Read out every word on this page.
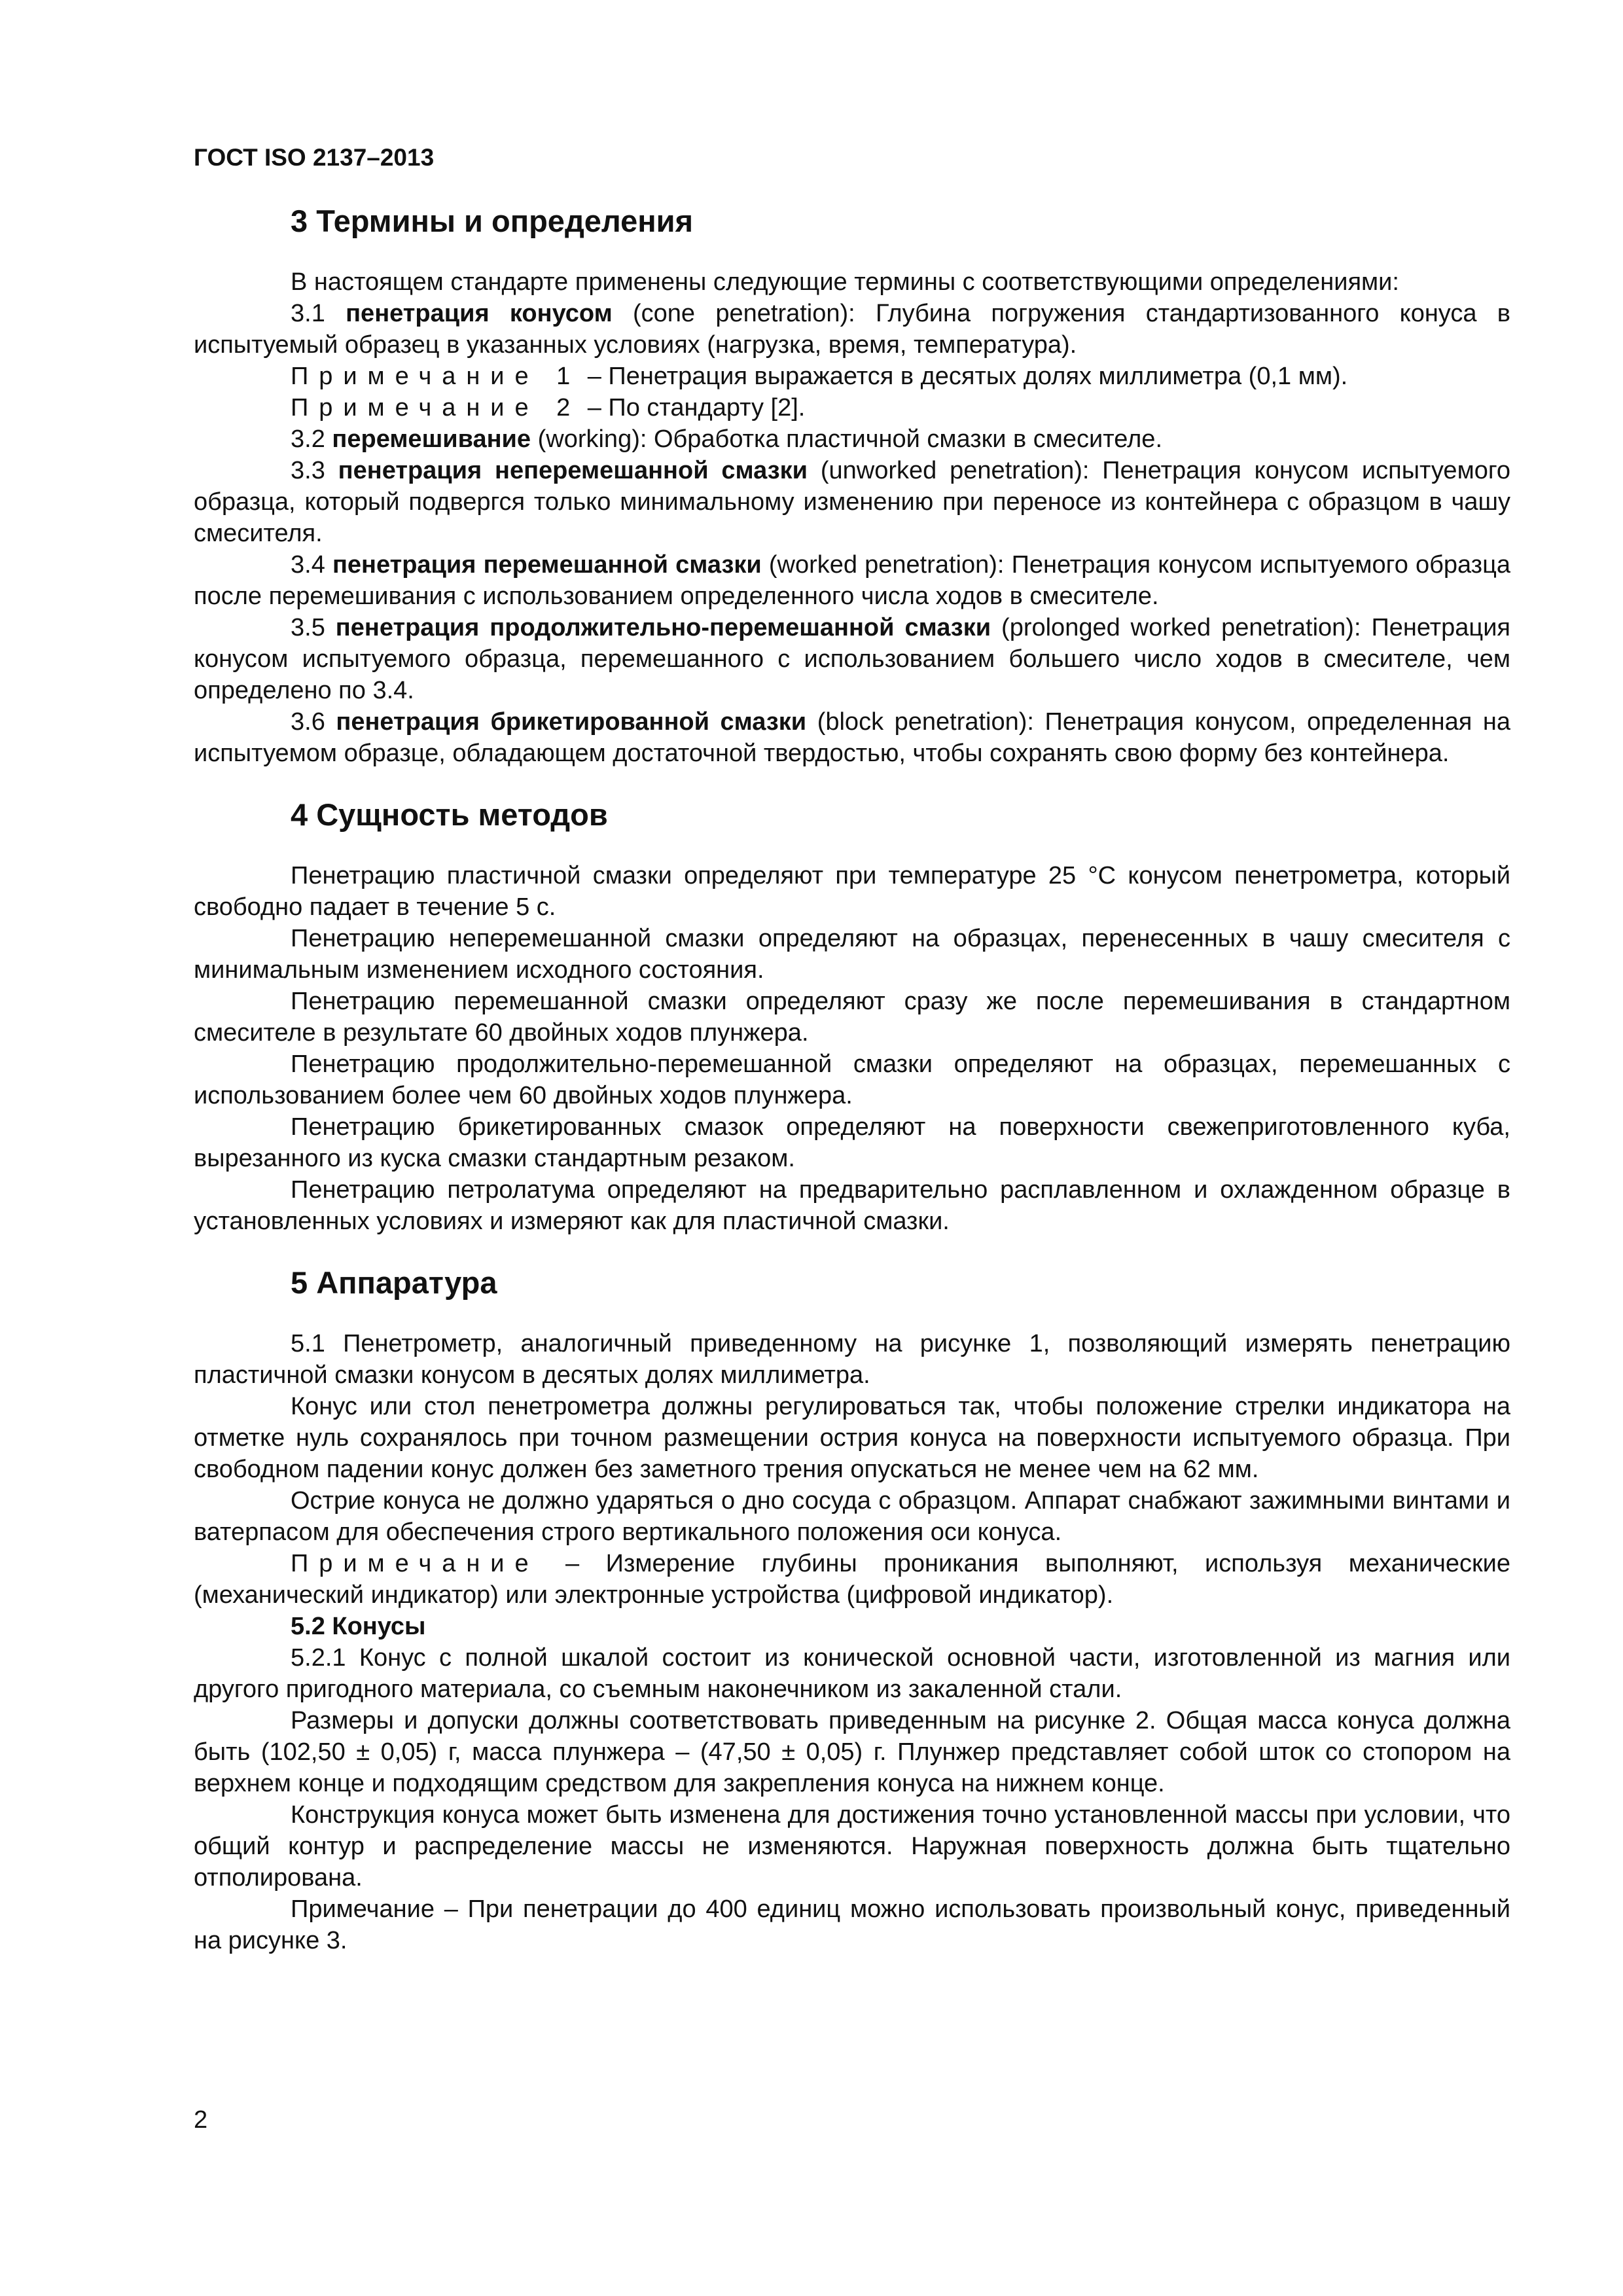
ГОСТ ISO 2137–2013
3 Термины и определения

В настоящем стандарте применены следующие термины с соответствующими определениями:

3.1 пенетрация конусом (cone penetration): Глубина погружения стандартизованного конуса в испытуемый образец в указанных условиях (нагрузка, время, температура).

Примечание 1 – Пенетрация выражается в десятых долях миллиметра (0,1 мм).

Примечание 2 – По стандарту [2].

3.2 перемешивание (working): Обработка пластичной смазки в смесителе.

3.3 пенетрация неперемешанной смазки (unworked penetration): Пенетрация конусом испытуемого образца, который подвергся только минимальному изменению при переносе из контейнера с образцом в чашу смесителя.

3.4 пенетрация перемешанной смазки (worked penetration): Пенетрация конусом испытуемого образца после перемешивания с использованием определенного числа ходов в смесителе.

3.5 пенетрация продолжительно-перемешанной смазки (prolonged worked penetration): Пенетрация конусом испытуемого образца, перемешанного с использованием большего число ходов в смесителе, чем определено по 3.4.

3.6 пенетрация брикетированной смазки (block penetration): Пенетрация конусом, определенная на испытуемом образце, обладающем достаточной твердостью, чтобы сохранять свою форму без контейнера.

4 Сущность методов

Пенетрацию пластичной смазки определяют при температуре 25 °С конусом пенетрометра, который свободно падает в течение 5 с.

Пенетрацию неперемешанной смазки определяют на образцах, перенесенных в чашу смесителя с минимальным изменением исходного состояния.

Пенетрацию перемешанной смазки определяют сразу же после перемешивания в стандартном смесителе в результате 60 двойных ходов плунжера.

Пенетрацию продолжительно-перемешанной смазки определяют на образцах, перемешанных с использованием более чем 60 двойных ходов плунжера.

Пенетрацию брикетированных смазок определяют на поверхности свежеприготовленного куба, вырезанного из куска смазки стандартным резаком.

Пенетрацию петролатума определяют на предварительно расплавленном и охлажденном образце в установленных условиях и измеряют как для пластичной смазки.

5 Аппаратура

5.1 Пенетрометр, аналогичный приведенному на рисунке 1, позволяющий измерять пенетрацию пластичной смазки конусом в десятых долях миллиметра.

Конус или стол пенетрометра должны регулироваться так, чтобы положение стрелки индикатора на отметке нуль сохранялось при точном размещении острия конуса на поверхности испытуемого образца. При свободном падении конус должен без заметного трения опускаться не менее чем на 62 мм.

Острие конуса не должно ударяться о дно сосуда с образцом. Аппарат снабжают зажимными винтами и ватерпасом для обеспечения строго вертикального положения оси конуса.

Примечание – Измерение глубины проникания выполняют, используя механические (механический индикатор) или электронные устройства (цифровой индикатор).

5.2 Конусы

5.2.1 Конус с полной шкалой состоит из конической основной части, изготовленной из магния или другого пригодного материала, со съемным наконечником из закаленной стали.

Размеры и допуски должны соответствовать приведенным на рисунке 2. Общая масса конуса должна быть (102,50 ± 0,05) г, масса плунжера – (47,50 ± 0,05) г. Плунжер представляет собой шток со стопором на верхнем конце и подходящим средством для закрепления конуса на нижнем конце.

Конструкция конуса может быть изменена для достижения точно установленной массы при условии, что общий контур и распределение массы не изменяются. Наружная поверхность должна быть тщательно отполирована.

Примечание – При пенетрации до 400 единиц можно использовать произвольный конус, приведенный на рисунке 3.

2
